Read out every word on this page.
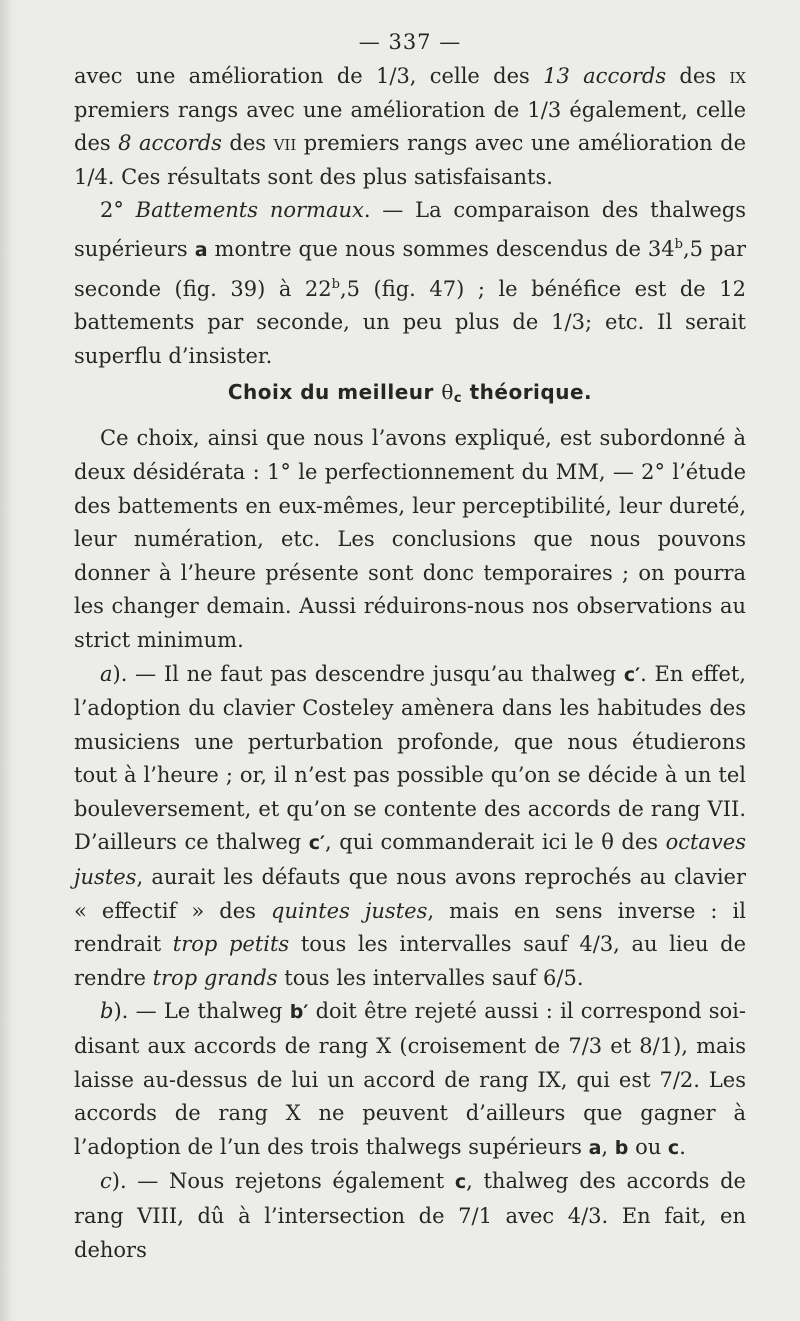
— 337 —

avec une amélioration de 1/3, celle des 13 accords des ix premiers rangs avec une amélioration de 1/3 également, celle des 8 accords des vii premiers rangs avec une amélioration de 1/4. Ces résultats sont des plus satisfaisants.

2° Battements normaux. — La comparaison des thalwegs supérieurs a montre que nous sommes descendus de 34$^b$,5 par seconde (fig. 39) à 22$^b$,5 (fig. 47) ; le bénéfice est de 12 battements par seconde, un peu plus de 1/3; etc. Il serait superflu d’insister.

Choix du meilleur $\theta_c$ théorique.

Ce choix, ainsi que nous l’avons expliqué, est subordonné à deux désidérata : 1° le perfectionnement du MM, — 2° l’étude des battements en eux-mêmes, leur perceptibilité, leur dureté, leur numération, etc. Les conclusions que nous pouvons donner à l’heure présente sont donc temporaires ; on pourra les changer demain. Aussi réduirons-nous nos observations au strict minimum.

a). — Il ne faut pas descendre jusqu’au thalweg c′. En effet, l’adoption du clavier Costeley amènera dans les habitudes des musiciens une perturbation profonde, que nous étudierons tout à l’heure ; or, il n’est pas possible qu’on se décide à un tel bouleversement, et qu’on se contente des accords de rang VII. D’ailleurs ce thalweg c′, qui commanderait ici le θ des octaves justes, aurait les défauts que nous avons reprochés au clavier « effectif » des quintes justes, mais en sens inverse : il rendrait trop petits tous les intervalles sauf 4/3, au lieu de rendre trop grands tous les intervalles sauf 6/5.

b). — Le thalweg b′ doit être rejeté aussi : il correspond soi-disant aux accords de rang X (croisement de 7/3 et 8/1), mais laisse au-dessus de lui un accord de rang IX, qui est 7/2. Les accords de rang X ne peuvent d’ailleurs que gagner à l’adoption de l’un des trois thalwegs supérieurs a, b ou c.

c). — Nous rejetons également c, thalweg des accords de rang VIII, dû à l’intersection de 7/1 avec 4/3. En fait, en dehors
